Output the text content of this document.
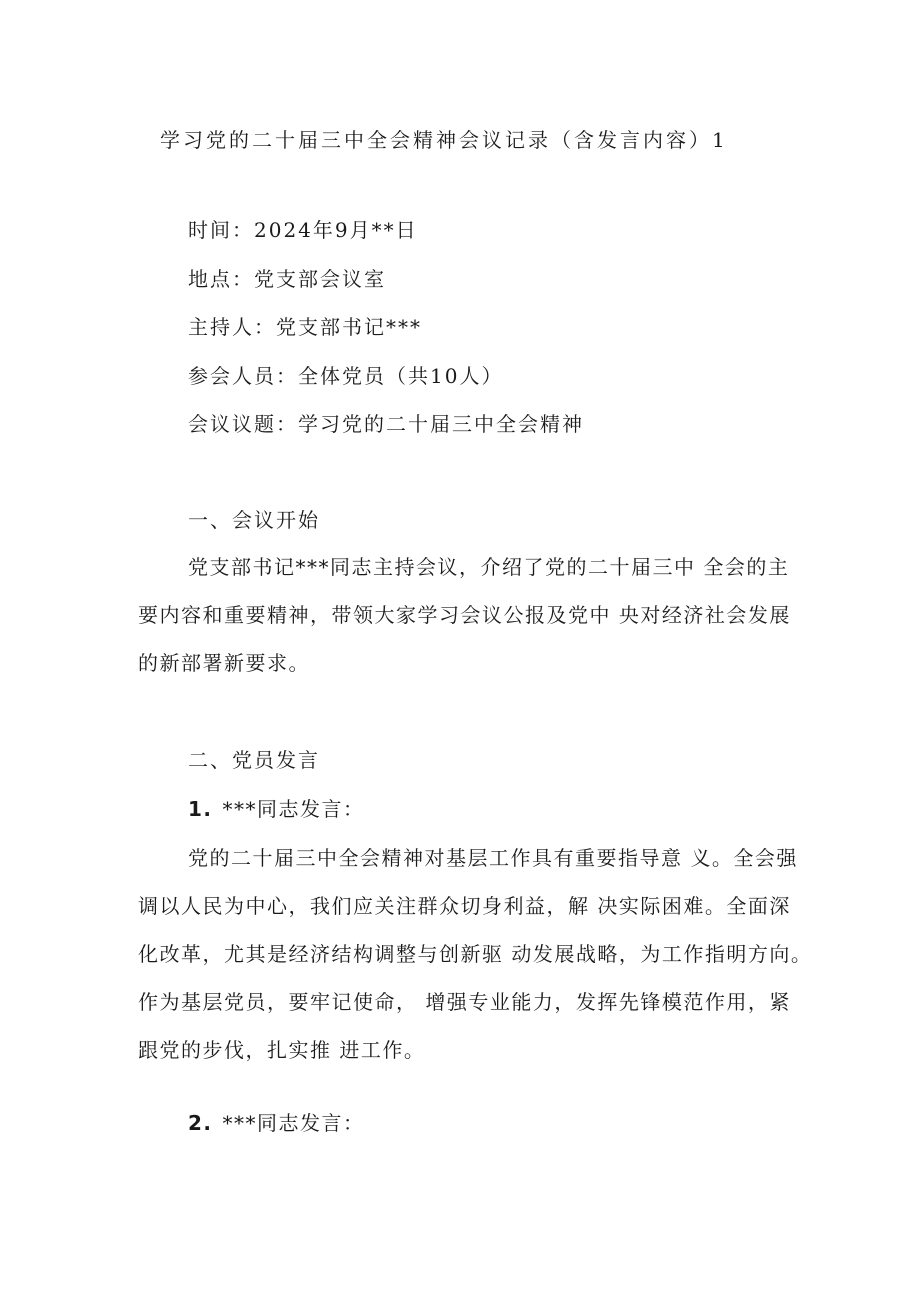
学习党的二十届三中全会精神会议记录（含发言内容）1
时间：2024年9月**日
地点：党支部会议室
主持人：党支部书记***
参会人员：全体党员（共10人）
会议议题：学习党的二十届三中全会精神
一、会议开始
党支部书记***同志主持会议，介绍了党的二十届三中 全会的主
要内容和重要精神，带领大家学习会议公报及党中 央对经济社会发展
的新部署新要求。
二、党员发言
1. ***同志发言：
党的二十届三中全会精神对基层工作具有重要指导意 义。全会强
调以人民为中心，我们应关注群众切身利益，解 决实际困难。全面深
化改革，尤其是经济结构调整与创新驱 动发展战略，为工作指明方向。
作为基层党员，要牢记使命， 增强专业能力，发挥先锋模范作用，紧
跟党的步伐，扎实推 进工作。
2. ***同志发言：
